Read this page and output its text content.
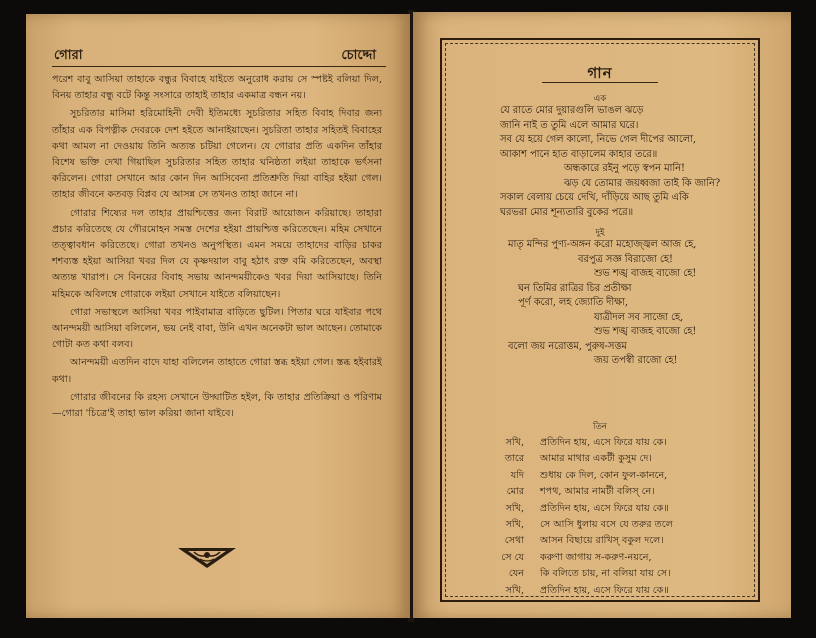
গোরা	চোদ্দো

পরেশ বাবু আসিয়া তাহাকে বন্ধুর বিবাহে যাইতে অনুরোধ করায় সে স্পষ্টই বলিয়া দিল, বিনয় তাহার বন্ধু বটে কিন্তু সংসারে তাহাই তাহার একমাত্র বন্ধন নয়।

সুচরিতার মাসিমা হরিমোহিনী দেবী ইতিমধ্যে সুচরিতার সহিত বিবাহ দিবার জন্য তাঁহার এক বিপত্নীক দেবরকে দেশ হইতে আনাইয়াছেন। সুচরিতা তাহার সহিতই বিবাহের কথা আমল না দেওয়ায় তিনি অত্যন্ত চটিয়া গেলেন। যে গোরার প্রতি একদিন তাঁহার বিশেষ ভক্তি দেখা গিয়াছিল সুচরিতার সহিত তাহার ঘনিষ্ঠতা লইয়া তাহাকে ভর্ৎসনা করিলেন। গোরা সেখানে আর কোন দিন আসিবেনা প্রতিশ্রুতি দিয়া বাহির হইয়া গেল। তাহার জীবনে কতবড় বিপ্লব যে আসন্ন সে তখনও তাহা জানে না।

গোরার শিষ্যের দল তাহার প্রায়শ্চিত্তের জন্য বিরাট আয়োজন করিয়াছে। তাহারা প্রচার করিতেছে যে গৌরমোহন সমস্ত দেশের হইয়া প্রায়শ্চিত্ত করিতেছেন। মহিম সেখানে তত্ত্বাবধান করিতেছে। গোরা তখনও অনুপস্থিত। এমন সময়ে তাহাদের বাড়ির চাকর শশব্যস্ত হইয়া আসিয়া খবর দিল যে কৃষ্ণদয়াল বাবু হঠাৎ রক্ত বমি করিতেছেন, অবস্থা অত্যন্ত খারাপ। সে বিনয়ের বিবাহ সভায় আনন্দময়ীকেও খবর দিয়া আসিয়াছে। তিনি মহিমকে অবিলম্বে গোরাকে লইয়া সেখানে যাইতে বলিয়াছেন।

গোরা সভাস্থলে আসিয়া খবর পাইবামাত্র বাড়িতে ছুটিল। পিতার ঘরে যাইবার পথে আনন্দময়ী আসিয়া বলিলেন, ভয় নেই বাবা, উনি এখন অনেকটা ভাল আছেন। তোমাকে গোটা কত কথা বলব।

আনন্দময়ী এতদিন বাদে যাহা বলিলেন তাহাতে গোরা স্তব্ধ হইয়া গেল। স্তব্ধ হইবারই কথা।

গোরার জীবনের কি রহস্য সেখানে উদ্ঘাটিত হইল, কি তাহার প্রতিক্রিয়া ও পরিণাম—গোরা 'চিত্রে'ই তাহা ভাল করিয়া জানা যাইবে।

গান
এক
যে রাতে মোর দুয়ারগুলি ভাঙল ঝড়ে
জানি নাই ত তুমি এলে আমার ঘরে।
সব যে হয়ে গেল কালো, নিভে গেল দীপের আলো,
আকাশ পানে হাত বাড়ালেম কাহার তরে॥
অন্ধকারে রইনু পড়ে স্বপন মানি!
ঝড় যে তোমার জয়ধ্বজা তাই কি জানি?
সকাল বেলায় চেয়ে দেখি, দাঁড়িয়ে আছ তুমি একি
ঘরভরা মোর শূন্যতারি বুকের পরে॥
দুই
মাতৃ মন্দির পুণ্য-অঙ্গন করো মহোজ্জ্বল আজ হে,
বরপুত্র সজ্ঞ বিরাজো হে!
শুভ শঙ্খ বাজহ বাজো হে!
ঘন তিমির রাত্রির চির প্রতীক্ষা
পূর্ণ করো, লহ জ্যোতি দীক্ষা,
যাত্রীদল সব সাজো হে,
শুভ শঙ্খ বাজহ বাজো হে!
বলো জয় নরোত্তম, পুরুষ-সত্তম
জয় তপস্বী রাজো হে!
তিন
সখি,	প্রতিদিন হায়, এসে ফিরে যায় কে।
তারে	আমার মাথার একটী কুসুম দে।
যদি	শুধায় কে দিল, কোন ফুল-কাননে,
মোর	শপথ, আমার নামটী বলিস্ নে।
সখি,	প্রতিদিন হায়, এসে ফিরে যায় কে॥
সখি,	সে আসি ধুলায় বসে যে তরুর তলে
সেথা	আসন বিছায়ে রাখিস্ বকুল দলে।
সে যে	করুণা জাগায় স-করুণ-নয়নে,
যেন	কি বলিতে চায়, না বলিয়া যায় সে।
সখি,	প্রতিদিন হায়, এসে ফিরে যায় কে॥
